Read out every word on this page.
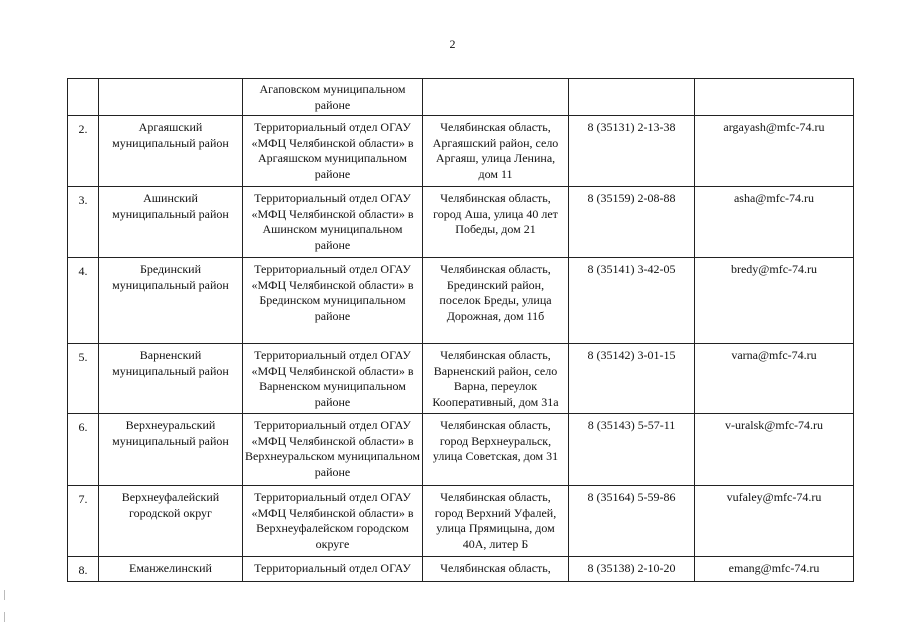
2
		Агаповском муниципальном районе			
2.	Аргаяшский муниципальный район	Территориальный отдел ОГАУ «МФЦ Челябинской области» в Аргаяшском муниципальном районе	Челябинская область, Аргаяшский район, село Аргаяш, улица Ленина, дом 11	8 (35131) 2-13-38	argayash@mfc-74.ru
3.	Ашинский муниципальный район	Территориальный отдел ОГАУ «МФЦ Челябинской области» в Ашинском муниципальном районе	Челябинская область, город Аша, улица 40 лет Победы, дом 21	8 (35159) 2-08-88	asha@mfc-74.ru
4.	Брединский муниципальный район	Территориальный отдел ОГАУ «МФЦ Челябинской области» в Брединском муниципальном районе	Челябинская область, Брединский район, поселок Бреды, улица Дорожная, дом 11б	8 (35141) 3-42-05	bredy@mfc-74.ru
5.	Варненский муниципальный район	Территориальный отдел ОГАУ «МФЦ Челябинской области» в Варненском муниципальном районе	Челябинская область, Варненский район, село Варна, переулок Кооперативный, дом 31а	8 (35142) 3-01-15	varna@mfc-74.ru
6.	Верхнеуральский муниципальный район	Территориальный отдел ОГАУ «МФЦ Челябинской области» в Верхнеуральском муниципальном районе	Челябинская область, город Верхнеуральск, улица Советская, дом 31	8 (35143) 5-57-11	v-uralsk@mfc-74.ru
7.	Верхнеуфалейский городской округ	Территориальный отдел ОГАУ «МФЦ Челябинской области» в Верхнеуфалейском городском округе	Челябинская область, город Верхний Уфалей, улица Прямицына, дом 40А, литер Б	8 (35164) 5-59-86	vufaley@mfc-74.ru
8.	Еманжелинский	Территориальный отдел ОГАУ	Челябинская область,	8 (35138) 2-10-20	emang@mfc-74.ru
